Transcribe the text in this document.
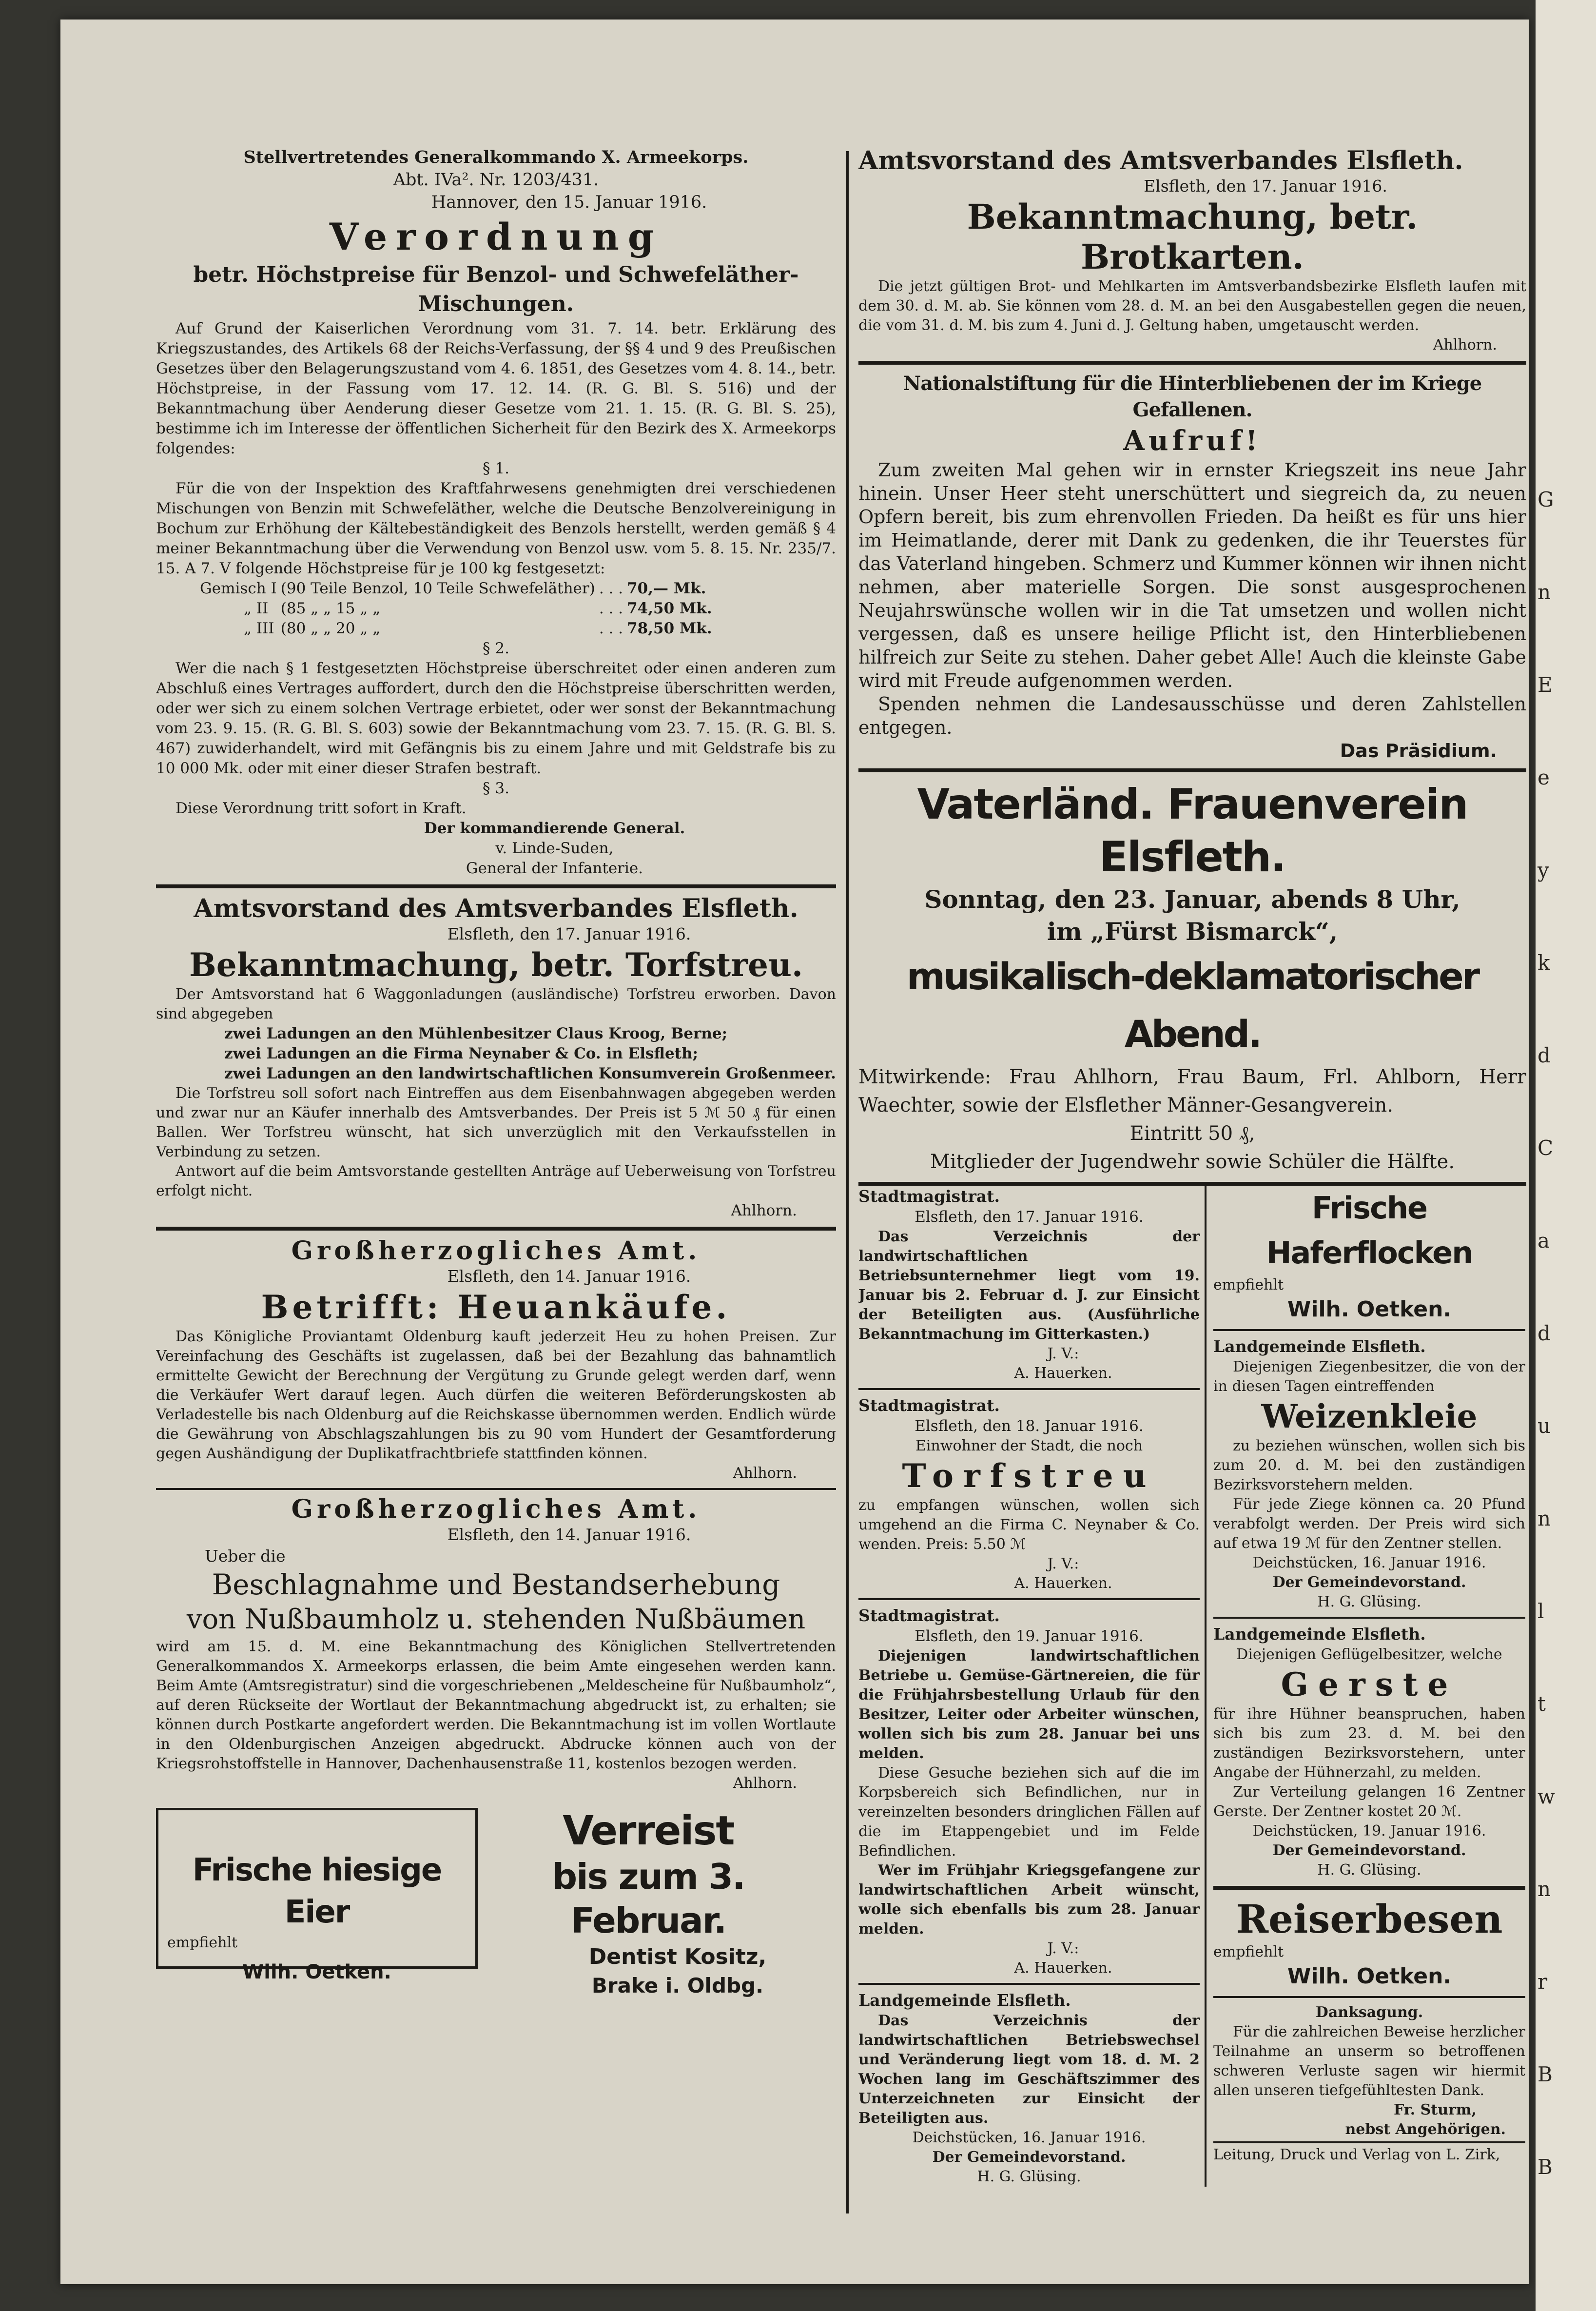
Stellvertretendes Generalkommando X. Armeekorps.

Abt. IVa². Nr. 1203/431.

Hannover, den 15. Januar 1916.

Verordnung

betr. Höchstpreise für Benzol- und Schwefeläther-Mischungen.

Auf Grund der Kaiserlichen Verordnung vom 31. 7. 14. betr. Erklärung des Kriegszustandes, des Artikels 68 der Reichs-Verfassung, der §§ 4 und 9 des Preußischen Gesetzes über den Belagerungszustand vom 4. 6. 1851, des Gesetzes vom 4. 8. 14., betr. Höchstpreise, in der Fassung vom 17. 12. 14. (R. G. Bl. S. 516) und der Bekanntmachung über Aenderung dieser Gesetze vom 21. 1. 15. (R. G. Bl. S. 25), bestimme ich im Interesse der öffentlichen Sicherheit für den Bezirk des X. Armeekorps folgendes:

§ 1.

Für die von der Inspektion des Kraftfahrwesens genehmigten drei verschiedenen Mischungen von Benzin mit Schwefeläther, welche die Deutsche Benzolvereinigung in Bochum zur Erhöhung der Kältebeständigkeit des Benzols herstellt, werden gemäß § 4 meiner Bekanntmachung über die Verwendung von Benzol usw. vom 5. 8. 15. Nr. 235/7. 15. A 7. V folgende Höchstpreise für je 100 kg festgesetzt:

Gemisch I	(90 Teile Benzol, 10 Teile Schwefeläther)	. . .	70,— Mk.
„ II	(85 „ „ 15 „ „	. . .	74,50 Mk.
„ III	(80 „ „ 20 „ „	. . .	78,50 Mk.

§ 2.

Wer die nach § 1 festgesetzten Höchstpreise überschreitet oder einen anderen zum Abschluß eines Vertrages auffordert, durch den die Höchstpreise überschritten werden, oder wer sich zu einem solchen Vertrage erbietet, oder wer sonst der Bekanntmachung vom 23. 9. 15. (R. G. Bl. S. 603) sowie der Bekanntmachung vom 23. 7. 15. (R. G. Bl. S. 467) zuwiderhandelt, wird mit Gefängnis bis zu einem Jahre und mit Geldstrafe bis zu 10 000 Mk. oder mit einer dieser Strafen bestraft.

§ 3.

Diese Verordnung tritt sofort in Kraft.

Der kommandierende General.

v. Linde-Suden,

General der Infanterie.

Amtsvorstand des Amtsverbandes Elsfleth.

Elsfleth, den 17. Januar 1916.

Bekanntmachung, betr. Torfstreu.

Der Amtsvorstand hat 6 Waggonladungen (ausländische) Torfstreu erworben. Davon sind abgegeben

zwei Ladungen an den Mühlenbesitzer Claus Kroog, Berne;

zwei Ladungen an die Firma Neynaber & Co. in Elsfleth;

zwei Ladungen an den landwirtschaftlichen Konsumverein Großenmeer.

Die Torfstreu soll sofort nach Eintreffen aus dem Eisenbahnwagen abgegeben werden und zwar nur an Käufer innerhalb des Amtsverbandes. Der Preis ist 5 ℳ 50 ₰ für einen Ballen. Wer Torfstreu wünscht, hat sich unverzüglich mit den Verkaufsstellen in Verbindung zu setzen.

Antwort auf die beim Amtsvorstande gestellten Anträge auf Ueberweisung von Torfstreu erfolgt nicht.

Ahlhorn.

Großherzogliches Amt.

Elsfleth, den 14. Januar 1916.

Betrifft: Heuankäufe.

Das Königliche Proviantamt Oldenburg kauft jederzeit Heu zu hohen Preisen. Zur Vereinfachung des Geschäfts ist zugelassen, daß bei der Bezahlung das bahnamtlich ermittelte Gewicht der Berechnung der Vergütung zu Grunde gelegt werden darf, wenn die Verkäufer Wert darauf legen. Auch dürfen die weiteren Beförderungskosten ab Verladestelle bis nach Oldenburg auf die Reichskasse übernommen werden. Endlich würde die Gewährung von Abschlagszahlungen bis zu 90 vom Hundert der Gesamtforderung gegen Aushändigung der Duplikatfrachtbriefe stattfinden können.

Ahlhorn.

Großherzogliches Amt.

Elsfleth, den 14. Januar 1916.

Ueber die

Beschlagnahme und Bestandserhebung

von Nußbaumholz u. stehenden Nußbäumen

wird am 15. d. M. eine Bekanntmachung des Königlichen Stellvertretenden Generalkommandos X. Armeekorps erlassen, die beim Amte eingesehen werden kann. Beim Amte (Amtsregistratur) sind die vorgeschriebenen „Meldescheine für Nußbaumholz“, auf deren Rückseite der Wortlaut der Bekanntmachung abgedruckt ist, zu erhalten; sie können durch Postkarte angefordert werden. Die Bekanntmachung ist im vollen Wortlaute in den Oldenburgischen Anzeigen abgedruckt. Abdrucke können auch von der Kriegsrohstoffstelle in Hannover, Dachenhausenstraße 11, kostenlos bezogen werden.

Ahlhorn.

Frische hiesige Eier

empfiehlt

Wilh. Oetken.

Verreist

bis zum 3. Februar.

Dentist Kositz,

Brake i. Oldbg.

Amtsvorstand des Amtsverbandes Elsfleth.

Elsfleth, den 17. Januar 1916.

Bekanntmachung, betr. Brotkarten.

Die jetzt gültigen Brot- und Mehlkarten im Amtsverbandsbezirke Elsfleth laufen mit dem 30. d. M. ab. Sie können vom 28. d. M. an bei den Ausgabestellen gegen die neuen, die vom 31. d. M. bis zum 4. Juni d. J. Geltung haben, umgetauscht werden.

Ahlhorn.

Nationalstiftung für die Hinterbliebenen der im Kriege Gefallenen.

Aufruf!

Zum zweiten Mal gehen wir in ernster Kriegszeit ins neue Jahr hinein. Unser Heer steht unerschüttert und siegreich da, zu neuen Opfern bereit, bis zum ehrenvollen Frieden. Da heißt es für uns hier im Heimatlande, derer mit Dank zu gedenken, die ihr Teuerstes für das Vaterland hingeben. Schmerz und Kummer können wir ihnen nicht nehmen, aber materielle Sorgen. Die sonst ausgesprochenen Neujahrswünsche wollen wir in die Tat umsetzen und wollen nicht vergessen, daß es unsere heilige Pflicht ist, den Hinterbliebenen hilfreich zur Seite zu stehen. Daher gebet Alle! Auch die kleinste Gabe wird mit Freude aufgenommen werden.

Spenden nehmen die Landesausschüsse und deren Zahlstellen entgegen.

Das Präsidium.

Vaterländ. Frauenverein Elsfleth.

Sonntag, den 23. Januar, abends 8 Uhr,

im „Fürst Bismarck“,

musikalisch-deklamatorischer Abend.

Mitwirkende: Frau Ahlhorn, Frau Baum, Frl. Ahlborn, Herr Waechter, sowie der Elsflether Männer-Gesangverein.

Eintritt 50 ₰,

Mitglieder der Jugendwehr sowie Schüler die Hälfte.

Stadtmagistrat.

Elsfleth, den 17. Januar 1916.

Das Verzeichnis der landwirtschaftlichen Betriebsunternehmer liegt vom 19. Januar bis 2. Februar d. J. zur Einsicht der Beteiligten aus. (Ausführliche Bekanntmachung im Gitterkasten.)

J. V.:

A. Hauerken.

Stadtmagistrat.

Elsfleth, den 18. Januar 1916.

Einwohner der Stadt, die noch

Torfstreu

zu empfangen wünschen, wollen sich umgehend an die Firma C. Neynaber & Co. wenden. Preis: 5.50 ℳ

J. V.:

A. Hauerken.

Stadtmagistrat.

Elsfleth, den 19. Januar 1916.

Diejenigen landwirtschaftlichen Betriebe u. Gemüse-Gärtnereien, die für die Frühjahrsbestellung Urlaub für den Besitzer, Leiter oder Arbeiter wünschen, wollen sich bis zum 28. Januar bei uns melden.

Diese Gesuche beziehen sich auf die im Korpsbereich sich Befindlichen, nur in vereinzelten besonders dringlichen Fällen auf die im Etappengebiet und im Felde Befindlichen.

Wer im Frühjahr Kriegsgefangene zur landwirtschaftlichen Arbeit wünscht, wolle sich ebenfalls bis zum 28. Januar melden.

J. V.:

A. Hauerken.

Landgemeinde Elsfleth.

Das Verzeichnis der landwirtschaftlichen Betriebswechsel und Veränderung liegt vom 18. d. M. 2 Wochen lang im Geschäftszimmer des Unterzeichneten zur Einsicht der Beteiligten aus.

Deichstücken, 16. Januar 1916.

Der Gemeindevorstand.

H. G. Glüsing.

Frische Haferflocken

empfiehlt

Wilh. Oetken.

Landgemeinde Elsfleth.

Diejenigen Ziegenbesitzer, die von der in diesen Tagen eintreffenden

Weizenkleie

zu beziehen wünschen, wollen sich bis zum 20. d. M. bei den zuständigen Bezirksvorstehern melden.

Für jede Ziege können ca. 20 Pfund verabfolgt werden. Der Preis wird sich auf etwa 19 ℳ für den Zentner stellen.

Deichstücken, 16. Januar 1916.

Der Gemeindevorstand.

H. G. Glüsing.

Landgemeinde Elsfleth.

Diejenigen Geflügelbesitzer, welche

Gerste

für ihre Hühner beanspruchen, haben sich bis zum 23. d. M. bei den zuständigen Bezirksvorstehern, unter Angabe der Hühnerzahl, zu melden.

Zur Verteilung gelangen 16 Zentner Gerste. Der Zentner kostet 20 ℳ.

Deichstücken, 19. Januar 1916.

Der Gemeindevorstand.

H. G. Glüsing.

Reiserbesen

empfiehlt

Wilh. Oetken.

Danksagung.

Für die zahlreichen Beweise herzlicher Teilnahme an unserm so betroffenen schweren Verluste sagen wir hiermit allen unseren tiefgefühltesten Dank.

Fr. Sturm,

nebst Angehörigen.

Leitung, Druck und Verlag von L. Zirk,

G
n
E
e
y
k
d
C
a
d
u
n
l
t
w
n
r
B
B
